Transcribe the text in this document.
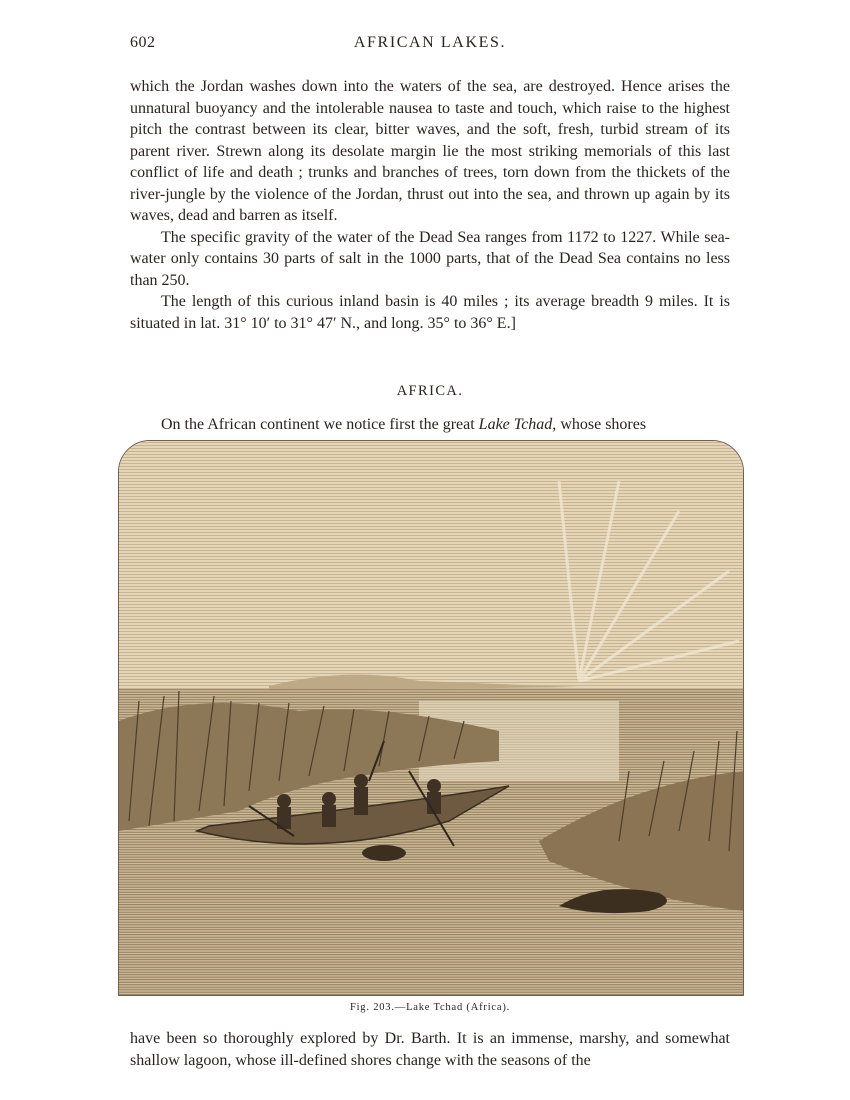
602	AFRICAN LAKES.

which the Jordan washes down into the waters of the sea, are destroyed. Hence arises the unnatural buoyancy and the intolerable nausea to taste and touch, which raise to the highest pitch the contrast between its clear, bitter waves, and the soft, fresh, turbid stream of its parent river. Strewn along its desolate margin lie the most striking memorials of this last conflict of life and death ; trunks and branches of trees, torn down from the thickets of the river-jungle by the violence of the Jordan, thrust out into the sea, and thrown up again by its waves, dead and barren as itself.

The specific gravity of the water of the Dead Sea ranges from 1172 to 1227. While sea-water only contains 30 parts of salt in the 1000 parts, that of the Dead Sea contains no less than 250.

The length of this curious inland basin is 40 miles ; its average breadth 9 miles. It is situated in lat. 31° 10′ to 31° 47′ N., and long. 35° to 36° E.]

AFRICA.

On the African continent we notice first the great Lake Tchad, whose shores

Fig. 203.—Lake Tchad (Africa).

have been so thoroughly explored by Dr. Barth. It is an immense, marshy, and somewhat shallow lagoon, whose ill-defined shores change with the seasons of the
